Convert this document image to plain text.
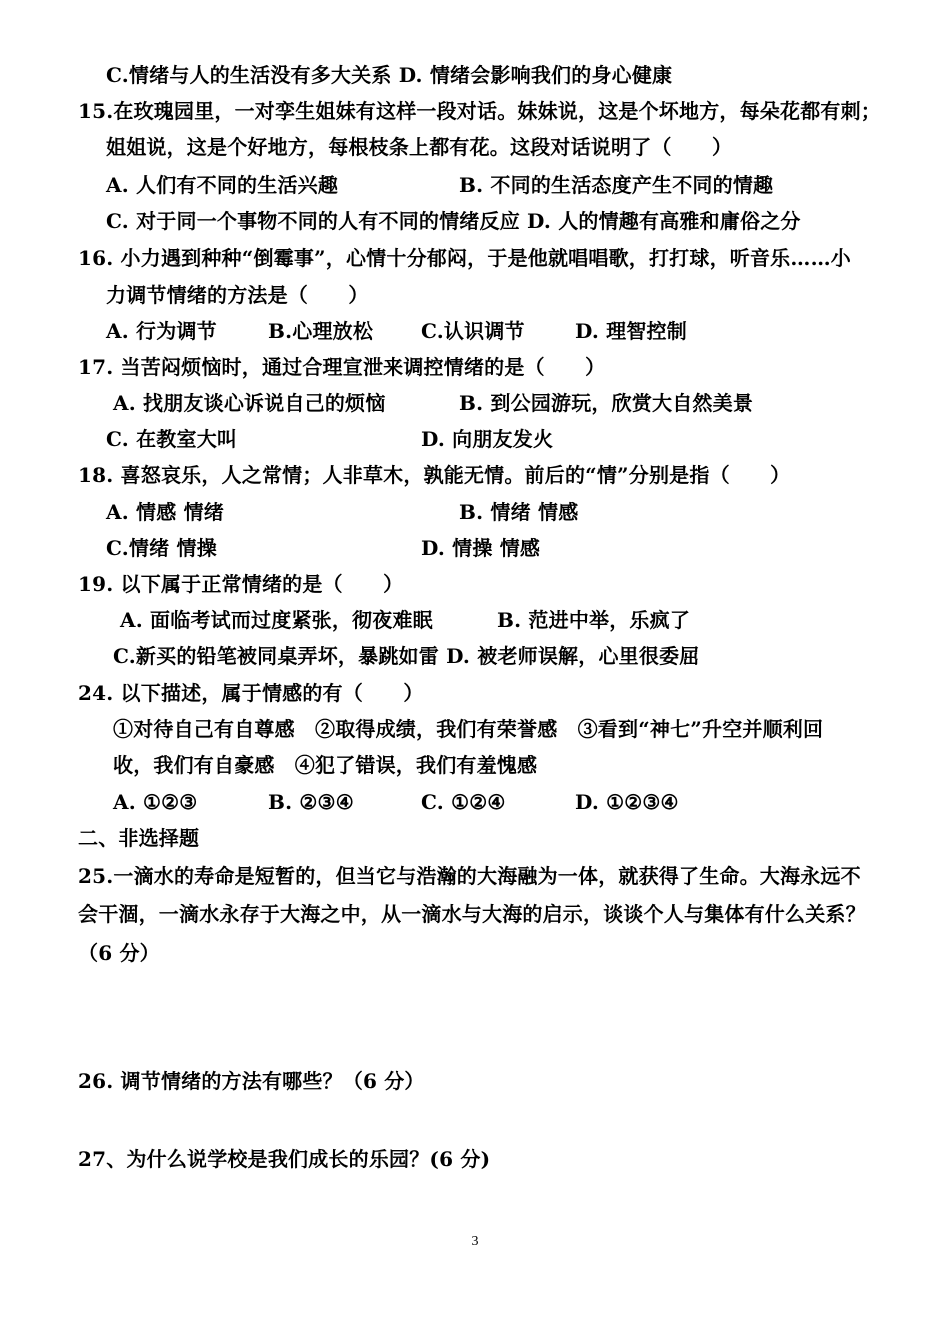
C.情绪与人的生活没有多大关系 D. 情绪会影响我们的身心健康
15.在玫瑰园里，一对孪生姐妹有这样一段对话。妹妹说，这是个坏地方，每朵花都有刺；
姐姐说，这是个好地方，每根枝条上都有花。这段对话说明了（　　）
A. 人们有不同的生活兴趣	B. 不同的生活态度产生不同的情趣
C. 对于同一个事物不同的人有不同的情绪反应 D. 人的情趣有高雅和庸俗之分
16. 小力遇到种种“倒霉事”，心情十分郁闷，于是他就唱唱歌，打打球，听音乐……小
力调节情绪的方法是（　　）
A. 行为调节	B.心理放松 C.认识调节	D. 理智控制
17. 当苦闷烦恼时，通过合理宣泄来调控情绪的是（　　）
A. 找朋友谈心诉说自己的烦恼	B. 到公园游玩，欣赏大自然美景
C. 在教室大叫	D. 向朋友发火
18. 喜怒哀乐，人之常情；人非草木，孰能无情。前后的“情”分别是指（　　）
A. 情感 情绪	B. 情绪 情感
C.情绪 情操	D. 情操 情感
19. 以下属于正常情绪的是（　　）
A. 面临考试而过度紧张，彻夜难眠	B. 范进中举，乐疯了
C.新买的铅笔被同桌弄坏，暴跳如雷 D. 被老师误解，心里很委屈
24. 以下描述，属于情感的有（　　）
①对待自己有自尊感　②取得成绩，我们有荣誉感　③看到“神七”升空并顺利回
收，我们有自豪感　④犯了错误，我们有羞愧感
A. ①②③	B. ②③④	C. ①②④	D. ①②③④
二、非选择题
25.一滴水的寿命是短暂的，但当它与浩瀚的大海融为一体，就获得了生命。大海永远不
会干涸，一滴水永存于大海之中，从一滴水与大海的启示，谈谈个人与集体有什么关系？
（6 分）
26. 调节情绪的方法有哪些？（6 分）
27、为什么说学校是我们成长的乐园？(6 分)
3
